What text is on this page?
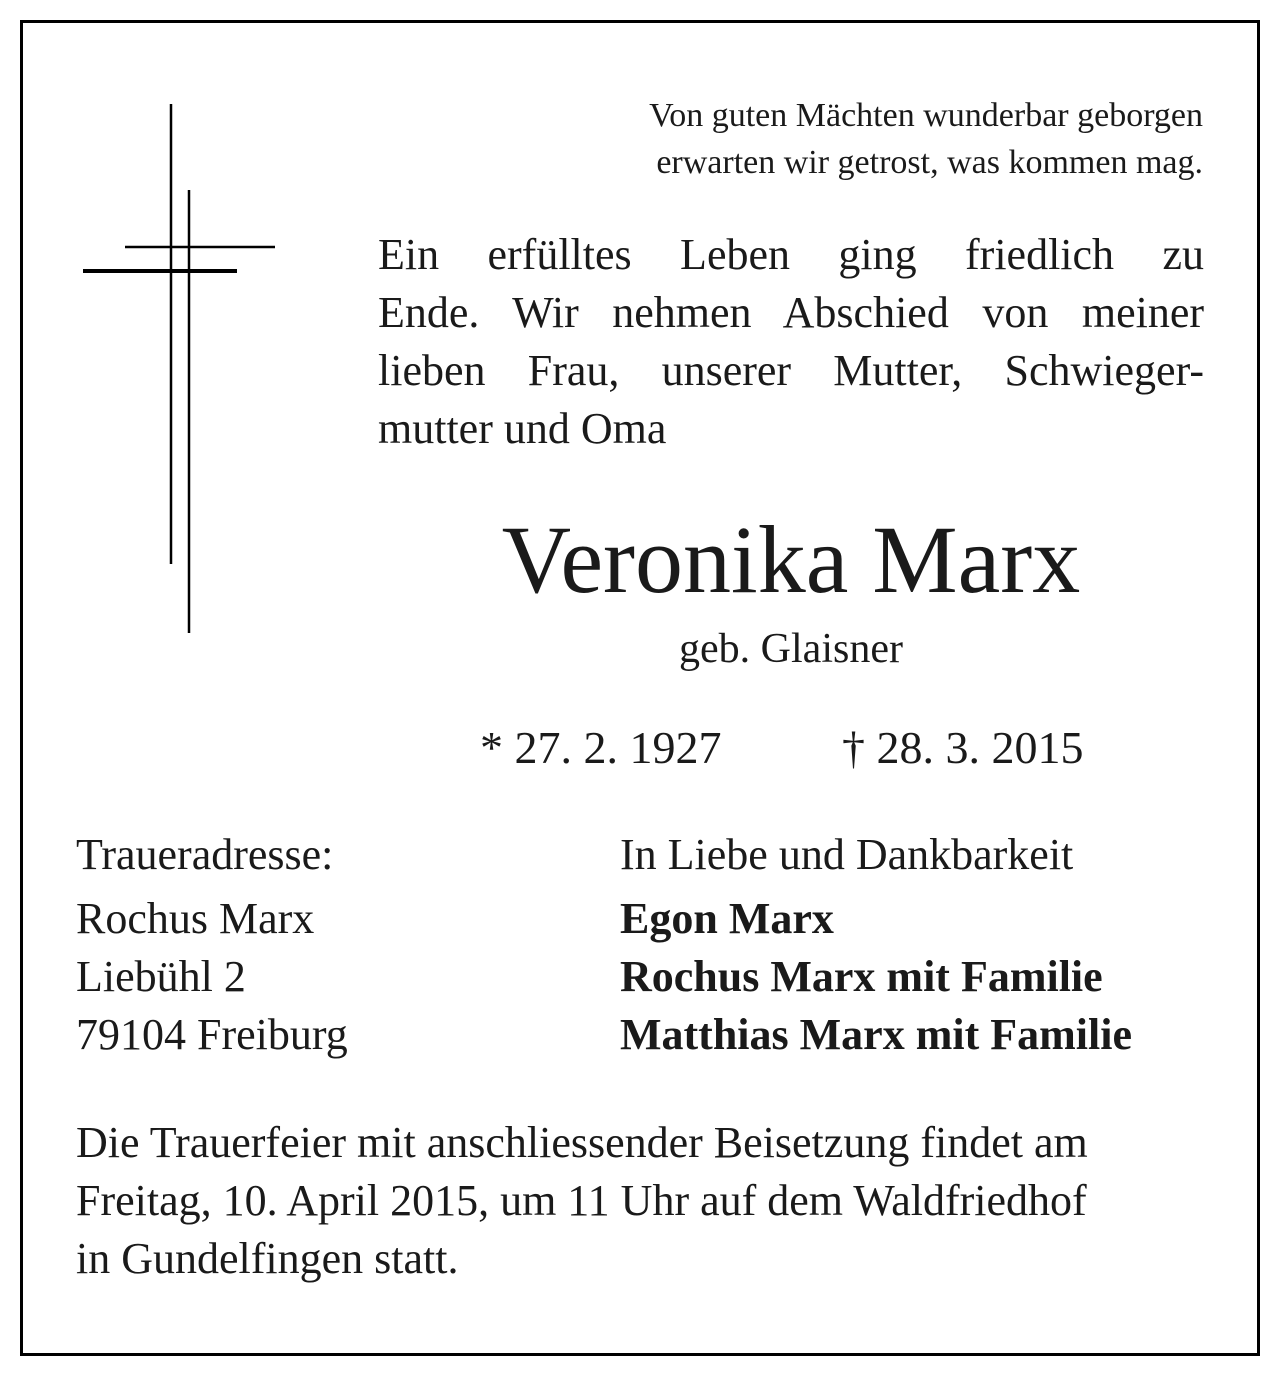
Von guten Mächten wunderbar geborgen
erwarten wir getrost, was kommen mag.
Ein erfülltes Leben ging friedlich zu
Ende. Wir nehmen Abschied von meiner
lieben Frau, unserer Mutter, Schwieger-
mutter und Oma
Veronika Marx
geb. Glaisner
* 27. 2. 1927	† 28. 3. 2015
Traueradresse:
Rochus Marx
Liebühl 2
79104 Freiburg
In Liebe und Dankbarkeit
Egon Marx
Rochus Marx mit Familie
Matthias Marx mit Familie
Die Trauerfeier mit anschliessender Beisetzung findet am
Freitag, 10. April 2015, um 11 Uhr auf dem Waldfriedhof
in Gundelfingen statt.
